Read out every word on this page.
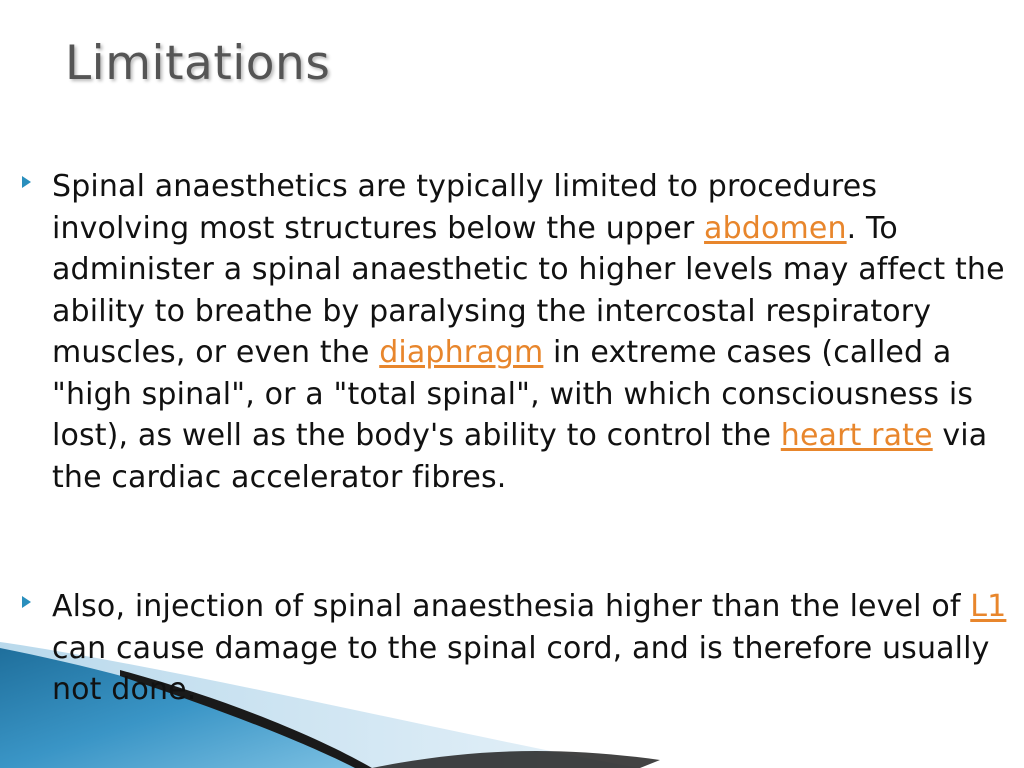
Limitations

Spinal anaesthetics are typically limited to procedures involving most structures below the upper abdomen. To administer a spinal anaesthetic to higher levels may affect the ability to breathe by paralysing the intercostal respiratory muscles, or even the diaphragm in extreme cases (called a "high spinal", or a "total spinal", with which consciousness is lost), as well as the body's ability to control the heart rate via the cardiac accelerator fibres.

Also, injection of spinal anaesthesia higher than the level of L1 can cause damage to the spinal cord, and is therefore usually not done.
